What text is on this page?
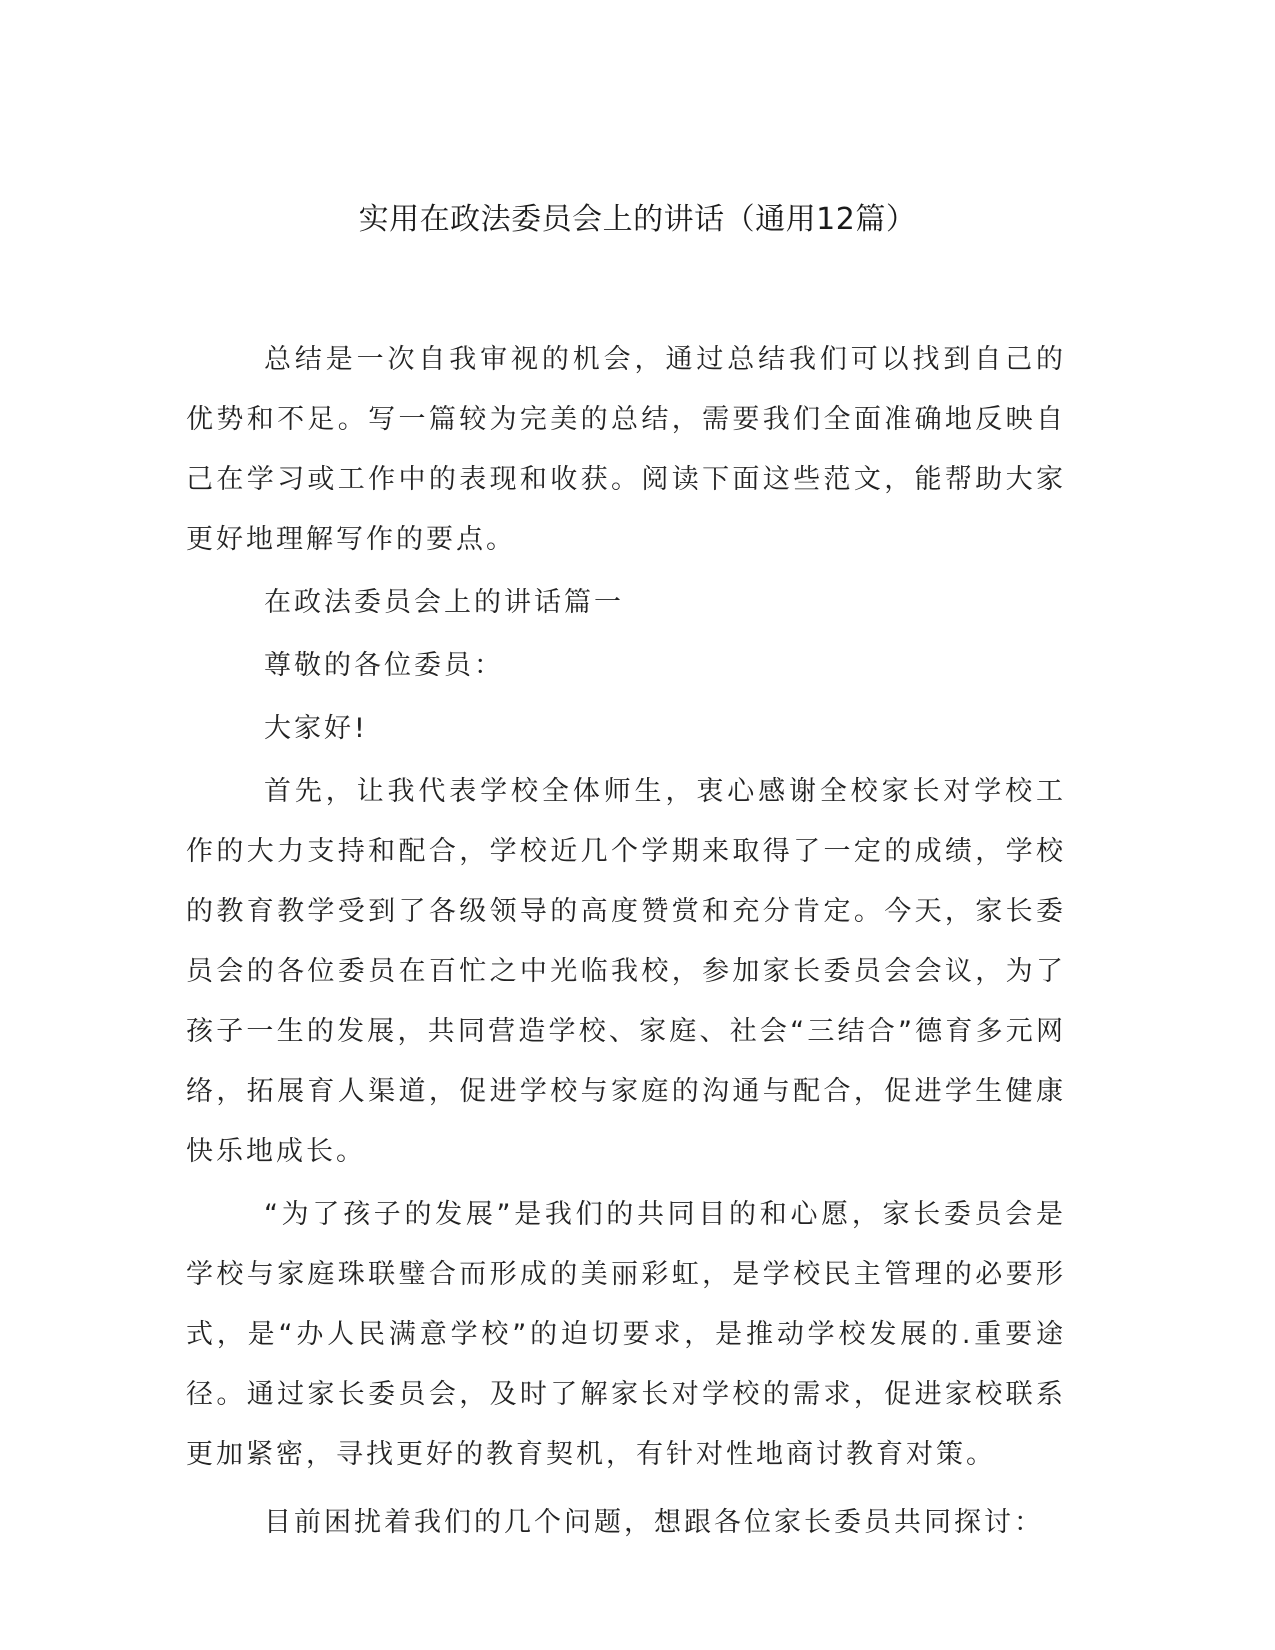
实用在政法委员会上的讲话（通用12篇）

总结是一次自我审视的机会，通过总结我们可以找到自己的优势和不足。写一篇较为完美的总结，需要我们全面准确地反映自己在学习或工作中的表现和收获。阅读下面这些范文，能帮助大家更好地理解写作的要点。

在政法委员会上的讲话篇一

尊敬的各位委员：

大家好!

首先，让我代表学校全体师生，衷心感谢全校家长对学校工作的大力支持和配合，学校近几个学期来取得了一定的成绩，学校的教育教学受到了各级领导的高度赞赏和充分肯定。今天，家长委员会的各位委员在百忙之中光临我校，参加家长委员会会议，为了孩子一生的发展，共同营造学校、家庭、社会“三结合”德育多元网络，拓展育人渠道，促进学校与家庭的沟通与配合，促进学生健康快乐地成长。

“为了孩子的发展”是我们的共同目的和心愿，家长委员会是学校与家庭珠联璧合而形成的美丽彩虹，是学校民主管理的必要形式，是“办人民满意学校”的迫切要求，是推动学校发展的.重要途径。通过家长委员会，及时了解家长对学校的需求，促进家校联系更加紧密，寻找更好的教育契机，有针对性地商讨教育对策。

目前困扰着我们的几个问题，想跟各位家长委员共同探讨：
